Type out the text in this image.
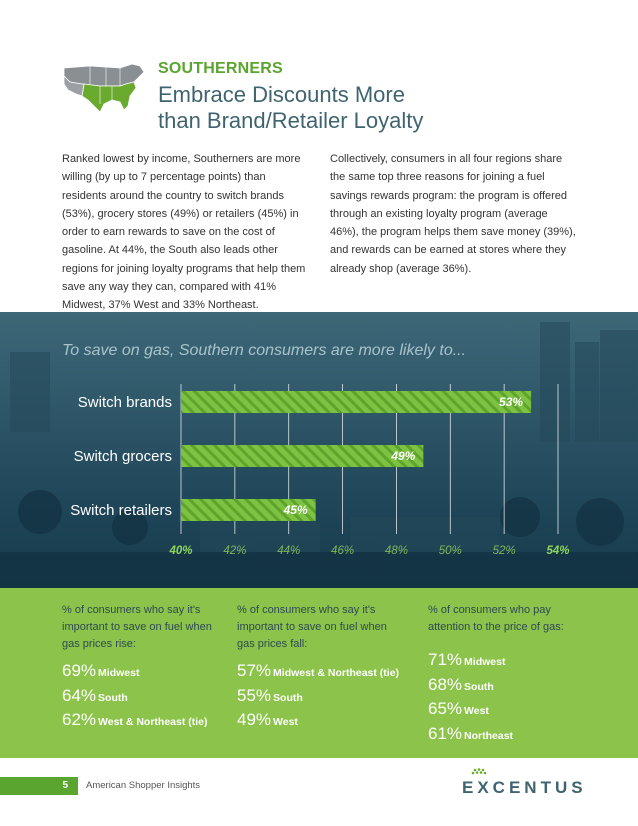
SOUTHERNERS
Embrace Discounts More
than Brand/Retailer Loyalty

Ranked lowest by income, Southerners are more willing (by up to 7 percentage points) than residents around the country to switch brands (53%), grocery stores (49%) or retailers (45%) in order to earn rewards to save on the cost of gasoline. At 44%, the South also leads other regions for joining loyalty programs that help them save any way they can, compared with 41% Midwest, 37% West and 33% Northeast.

Collectively, consumers in all four regions share the same top three reasons for joining a fuel savings rewards program: the program is offered through an existing loyalty program (average 46%), the program helps them save money (39%), and rewards can be earned at stores where they already shop (average 36%).

To save on gas, Southern consumers are more likely to...
40%	42%	44%	46%	48%	50%	52%	54%
Switch brands	53%
Switch grocers	49%
Switch retailers	45%
% of consumers who say it's important to save on fuel when gas prices rise:
69% Midwest
64% South
62% West & Northeast (tie)
% of consumers who say it's important to save on fuel when gas prices fall:
57% Midwest & Northeast (tie)
55% South
49% West
% of consumers who pay attention to the price of gas:
71% Midwest
68% South
65% West
61% Northeast
5	American Shopper Insights	EXCENTUS
